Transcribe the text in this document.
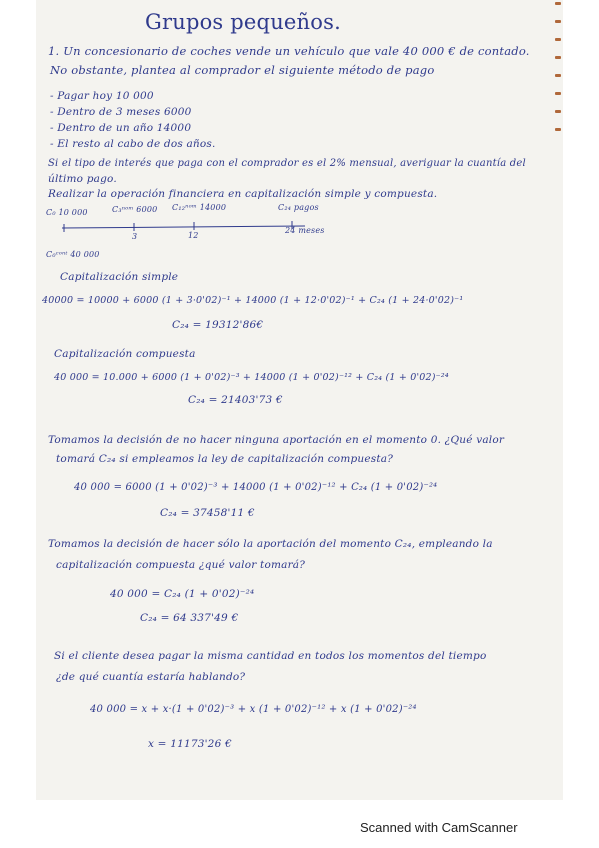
Grupos pequeños.
1. Un concesionario de coches vende un vehículo que vale 40 000 € de contado.
No obstante, plantea al comprador el siguiente método de pago
- Pagar hoy 10 000
- Dentro de 3 meses 6000
- Dentro de un año 14000
- El resto al cabo de dos años.
Si el tipo de interés que paga con el comprador es el 2% mensual, averiguar la cuantía del
último pago.
Realizar la operación financiera en capitalización simple y compuesta.
C₀ 10 000	C₃ⁿᵒᵐ 6000 C₁₂ⁿᵒᵐ 14000	C₂₄ pagos
3	12
24 meses
C₀ᶜᵒⁿᵗ 40 000
Capitalización simple
40000 = 10000 + 6000 (1 + 3·0'02)⁻¹ + 14000 (1 + 12·0'02)⁻¹ + C₂₄ (1 + 24·0'02)⁻¹
C₂₄ = 19312'86€
Capitalización compuesta
40 000 = 10.000 + 6000 (1 + 0'02)⁻³ + 14000 (1 + 0'02)⁻¹² + C₂₄ (1 + 0'02)⁻²⁴
C₂₄ = 21403'73 €
Tomamos la decisión de no hacer ninguna aportación en el momento 0. ¿Qué valor
tomará C₂₄ si empleamos la ley de capitalización compuesta?
40 000 = 6000 (1 + 0'02)⁻³ + 14000 (1 + 0'02)⁻¹² + C₂₄ (1 + 0'02)⁻²⁴
C₂₄ = 37458'11 €
Tomamos la decisión de hacer sólo la aportación del momento C₂₄, empleando la
capitalización compuesta ¿qué valor tomará?
40 000 = C₂₄ (1 + 0'02)⁻²⁴
C₂₄ = 64 337'49 €
Si el cliente desea pagar la misma cantidad en todos los momentos del tiempo
¿de qué cuantía estaría hablando?
40 000 = x + x·(1 + 0'02)⁻³ + x (1 + 0'02)⁻¹² + x (1 + 0'02)⁻²⁴
x = 11173'26 €
Scanned with CamScanner
